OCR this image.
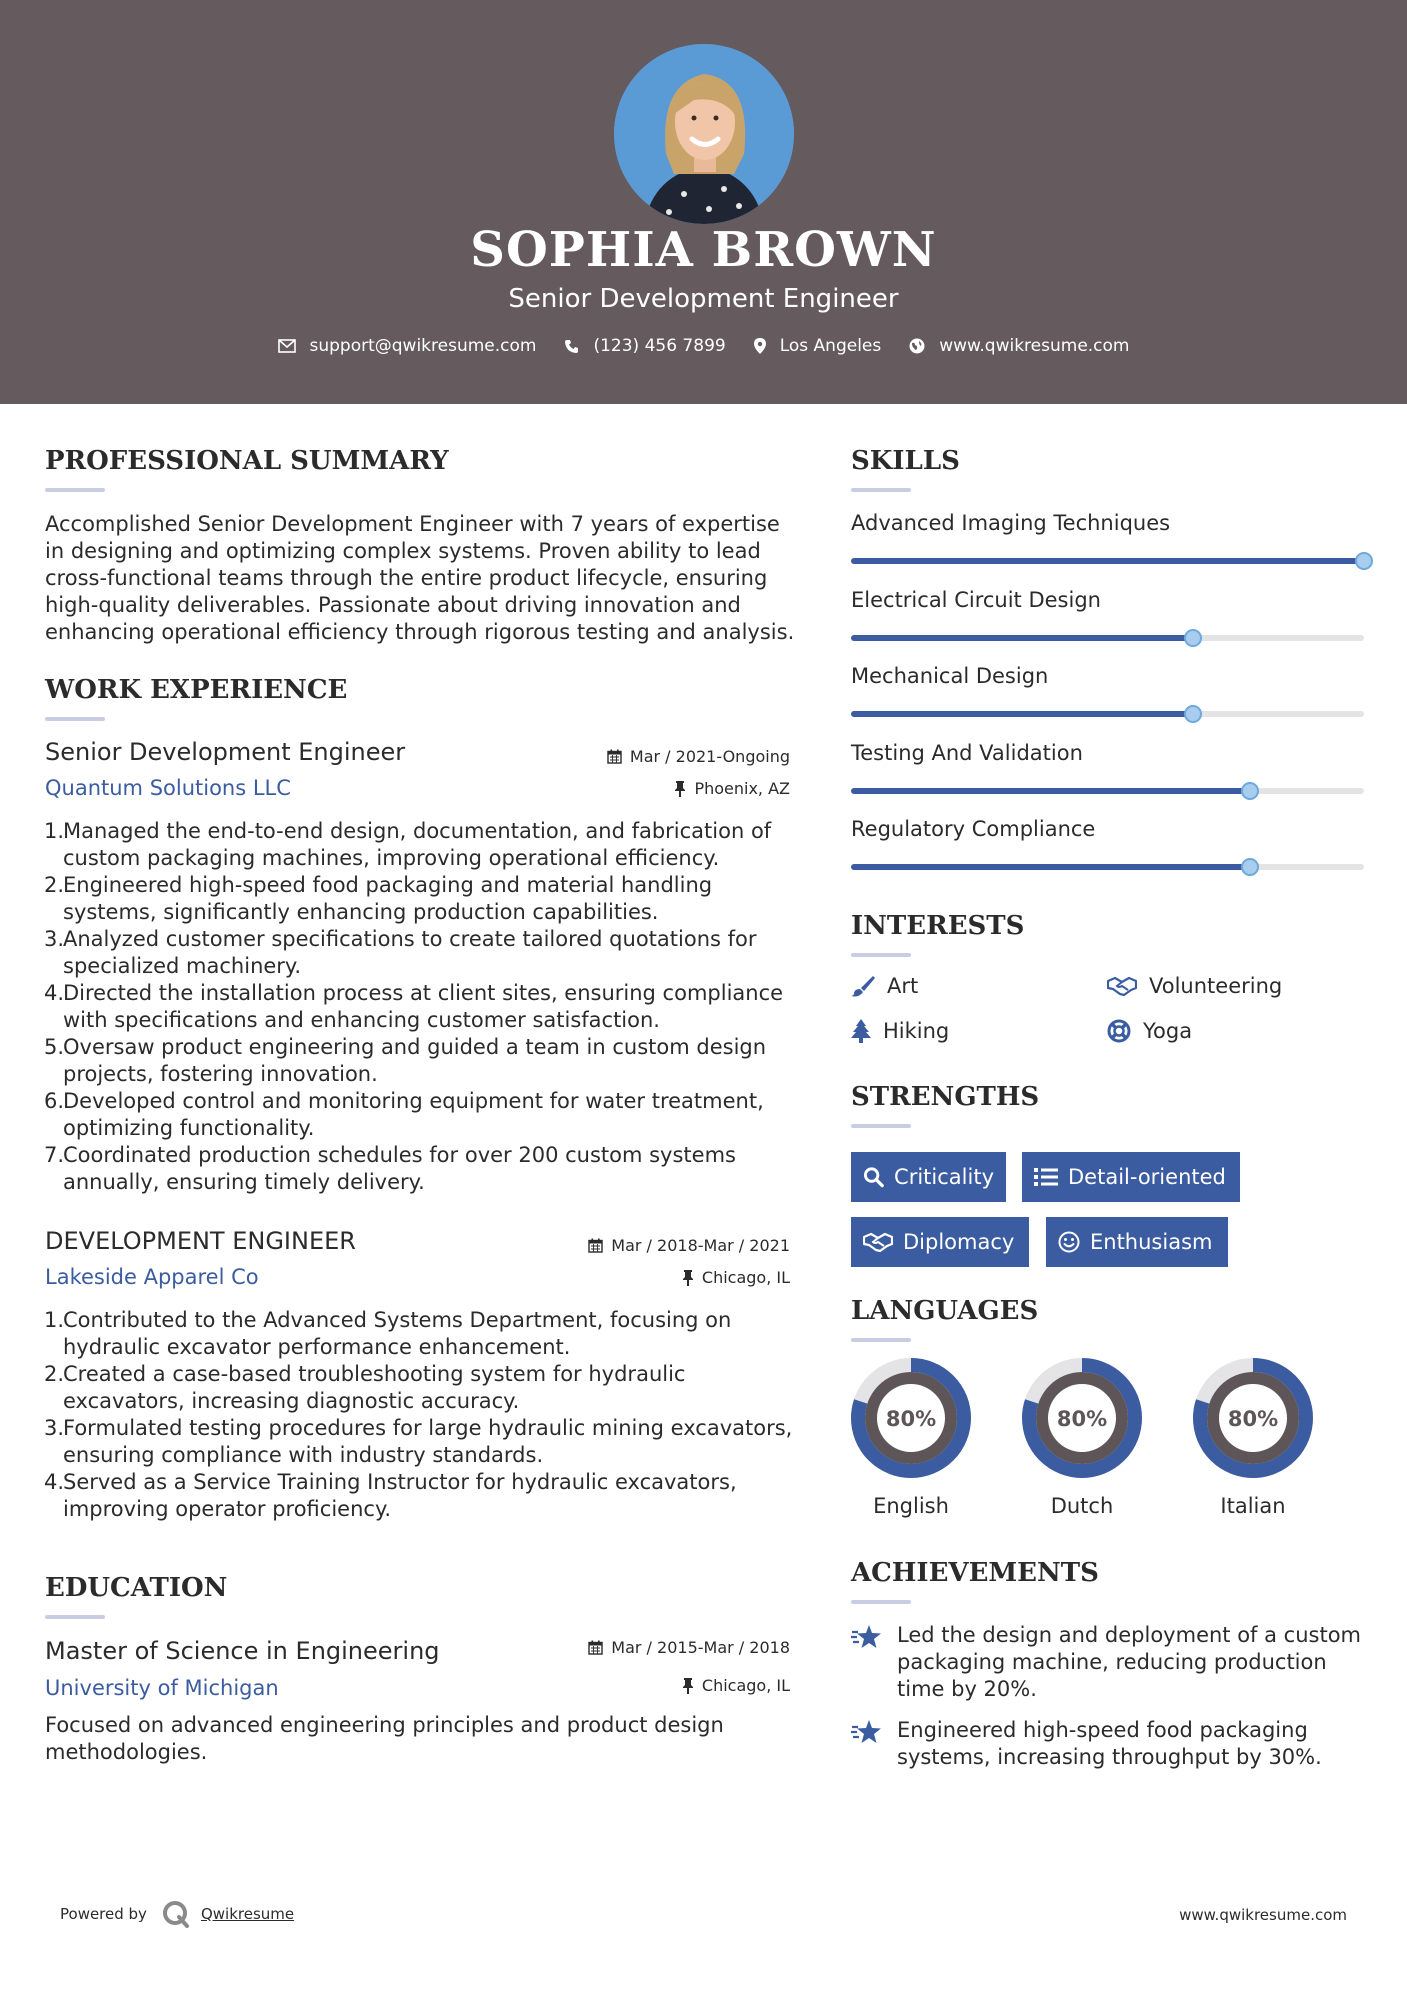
SOPHIA BROWN
Senior Development Engineer
support@qwikresume.com	(123) 456 7899	Los Angeles	www.qwikresume.com
PROFESSIONAL SUMMARY
Accomplished Senior Development Engineer with 7 years of expertise
in designing and optimizing complex systems. Proven ability to lead
cross-functional teams through the entire product lifecycle, ensuring
high-quality deliverables. Passionate about driving innovation and
enhancing operational efficiency through rigorous testing and analysis.
WORK EXPERIENCE
Senior Development Engineer	Mar / 2021-Ongoing
Quantum Solutions LLC	Phoenix, AZ
1.
Managed the end-to-end design, documentation, and fabrication of
custom packaging machines, improving operational efficiency.
2.
Engineered high-speed food packaging and material handling
systems, significantly enhancing production capabilities.
3.
Analyzed customer specifications to create tailored quotations for
specialized machinery.
4.
Directed the installation process at client sites, ensuring compliance
with specifications and enhancing customer satisfaction.
5.
Oversaw product engineering and guided a team in custom design
projects, fostering innovation.
6.
Developed control and monitoring equipment for water treatment,
optimizing functionality.
7.
Coordinated production schedules for over 200 custom systems
annually, ensuring timely delivery.
DEVELOPMENT ENGINEER	Mar / 2018-Mar / 2021
Lakeside Apparel Co	Chicago, IL
1.
Contributed to the Advanced Systems Department, focusing on
hydraulic excavator performance enhancement.
2.
Created a case-based troubleshooting system for hydraulic
excavators, increasing diagnostic accuracy.
3.
Formulated testing procedures for large hydraulic mining excavators,
ensuring compliance with industry standards.
4.
Served as a Service Training Instructor for hydraulic excavators,
improving operator proficiency.
EDUCATION
Master of Science in Engineering	Mar / 2015-Mar / 2018
University of Michigan	Chicago, IL
Focused on advanced engineering principles and product design
methodologies.
SKILLS
Advanced Imaging Techniques
Electrical Circuit Design
Mechanical Design
Testing And Validation
Regulatory Compliance
INTERESTS
Art	Volunteering
Hiking	Yoga
STRENGTHS
Criticality	Detail-oriented
Diplomacy	Enthusiasm
LANGUAGES
80%
English
80%
Dutch
80%
Italian
ACHIEVEMENTS
Led the design and deployment of a custom
packaging machine, reducing production
time by 20%.
Engineered high-speed food packaging
systems, increasing throughput by 30%.
Powered by	Qwikresume	www.qwikresume.com
